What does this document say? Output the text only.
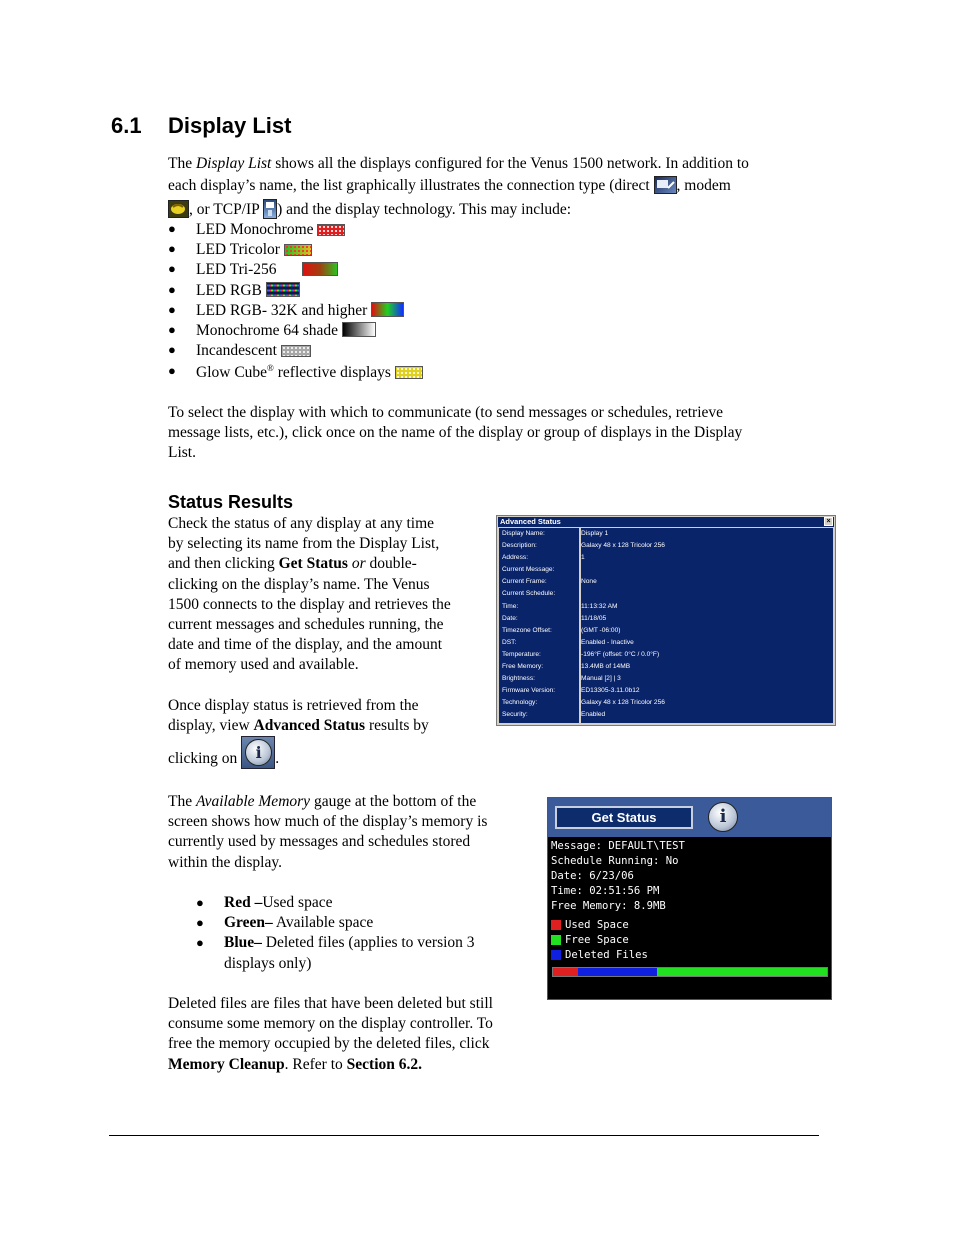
6.1 Display List
The Display List shows all the displays configured for the Venus 1500 network. In addition to
each display’s name, the list graphically illustrates the connection type (direct , modem
, or TCP/IP ) and the display technology. This may include:
● LED Monochrome
● LED Tricolor
● LED Tri-256
● LED RGB
● LED RGB- 32K and higher
● Monochrome 64 shade
● Incandescent
● Glow Cube® reflective displays
To select the display with which to communicate (to send messages or schedules, retrieve
message lists, etc.), click once on the name of the display or group of displays in the Display
List.
Status Results
Check the status of any display at any time
by selecting its name from the Display List,
and then clicking Get Status or double-
clicking on the display’s name. The Venus
1500 connects to the display and retrieves the
current messages and schedules running, the
date and time of the display, and the amount
of memory used and available.
Once display status is retrieved from the
display, view Advanced Status results by
clicking on i .
Advanced Status	×
Display Name:	Display 1
Description:	Galaxy 48 x 128 Tricolor 256
Address:	1
Current Message:
Current Frame:	None
Current Schedule:
Time:	11:13:32 AM
Date:	11/18/05
Timezone Offset:	(GMT -06:00)
DST:	Enabled - Inactive
Temperature:	-196°F (offset: 0°C / 0.0°F)
Free Memory:	13.4MB of 14MB
Brightness:	Manual [2] | 3
Firmware Version:	ED13305-3.11.0b12
Technology:	Galaxy 48 x 128 Tricolor 256
Security:	Enabled
The Available Memory gauge at the bottom of the
screen shows how much of the display’s memory is
currently used by messages and schedules stored
within the display.
● Red –Used space
● Green– Available space
● Blue– Deleted files (applies to version 3
displays only)
Deleted files are files that have been deleted but still
consume some memory on the display controller. To
free the memory occupied by the deleted files, click
Memory Cleanup. Refer to Section 6.2.
Get Status	i
Message: DEFAULT\TEST
Schedule Running: No
Date: 6/23/06
Time: 02:51:56 PM
Free Memory: 8.9MB
Used Space
Free Space
Deleted Files
